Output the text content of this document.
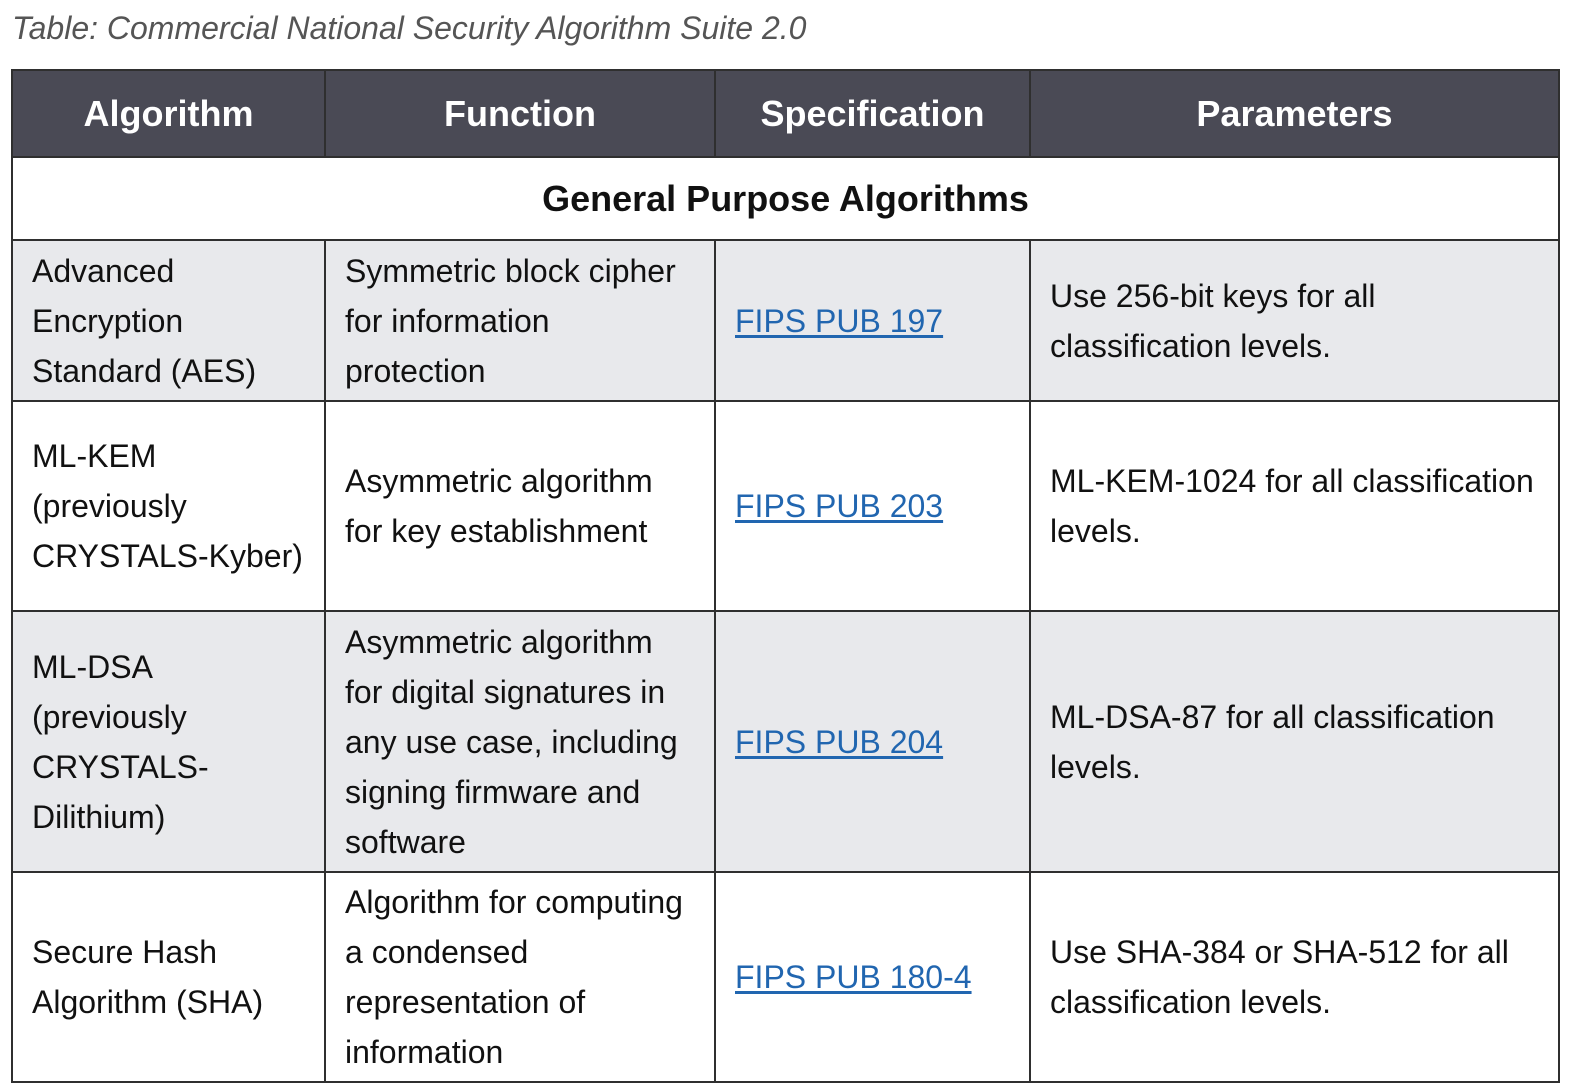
Table: Commercial National Security Algorithm Suite 2.0
Algorithm	Function	Specification	Parameters
General Purpose Algorithms			
Advanced Encryption Standard (AES)	Symmetric block cipher for information protection	FIPS PUB 197	Use 256-bit keys for all classification levels.
ML-KEM (previously CRYSTALS-Kyber)	Asymmetric algorithm for key establishment	FIPS PUB 203	ML-KEM-1024 for all classification levels.
ML-DSA (previously CRYSTALS-Dilithium)	Asymmetric algorithm for digital signatures in any use case, including signing firmware and software	FIPS PUB 204	ML-DSA-87 for all classification levels.
Secure Hash Algorithm (SHA)	Algorithm for computing a condensed representation of information	FIPS PUB 180-4	Use SHA-384 or SHA-512 for all classification levels.
